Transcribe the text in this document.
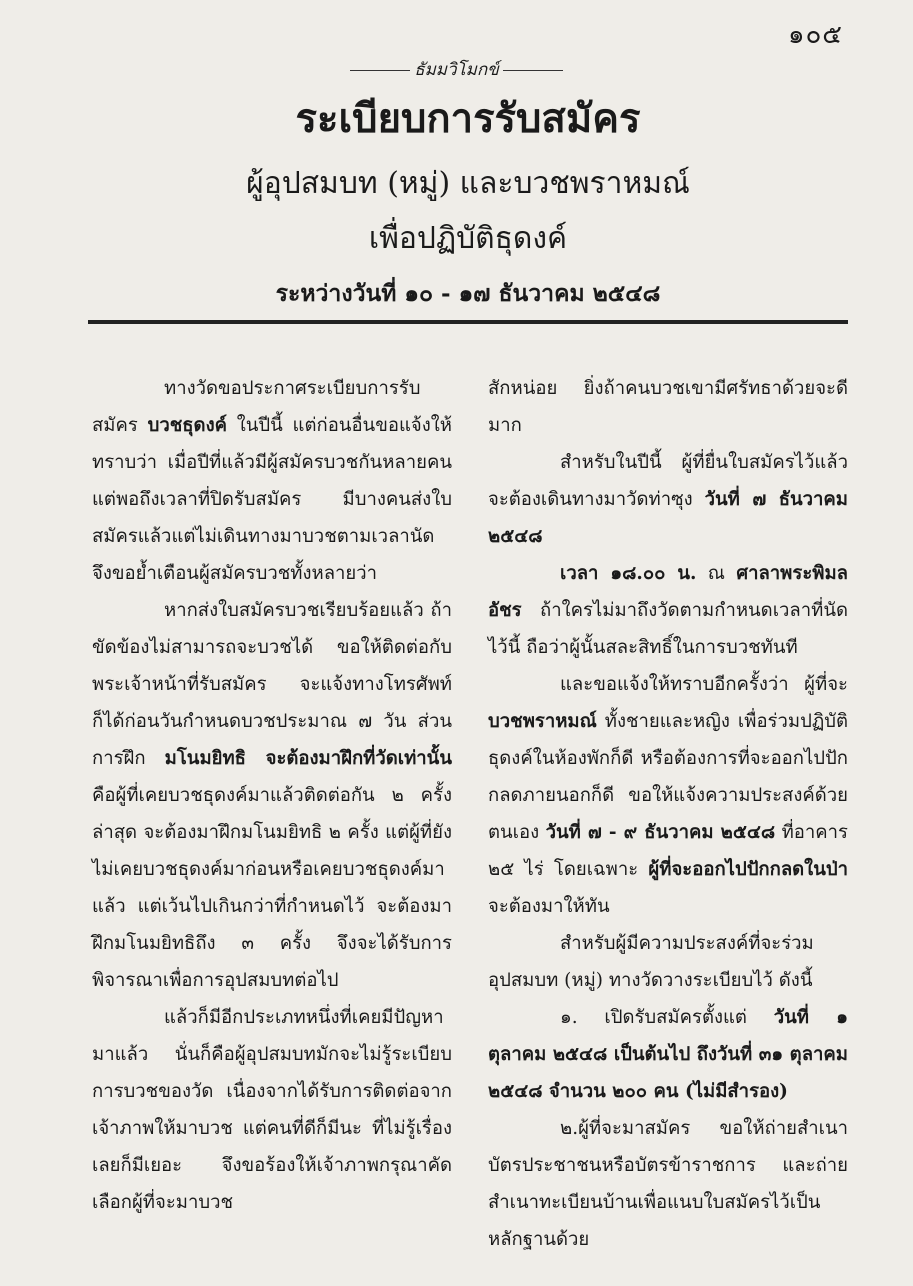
๑๐๕
ธัมมวิโมกข์
ระเบียบการรับสมัคร
ผู้อุปสมบท (หมู่) และบวชพราหมณ์
เพื่อปฏิบัติธุดงค์
ระหว่างวันที่ ๑๐ - ๑๗ ธันวาคม ๒๕๔๘

ทางวัดขอประกาศระเบียบการรับสมัคร บวชธุดงค์ ในปีนี้ แต่ก่อนอื่นขอแจ้งให้ทราบว่า เมื่อปีที่แล้วมีผู้สมัครบวชกันหลายคน แต่พอถึงเวลาที่ปิดรับสมัคร มีบางคนส่งใบสมัครแล้วแต่ไม่เดินทางมาบวชตามเวลานัด จึงขอย้ำเตือนผู้สมัครบวชทั้งหลายว่า

หากส่งใบสมัครบวชเรียบร้อยแล้ว ถ้าขัดข้องไม่สามารถจะบวชได้ ขอให้ติดต่อกับพระเจ้าหน้าที่รับสมัคร จะแจ้งทางโทรศัพท์ก็ได้ก่อนวันกำหนดบวชประมาณ ๗ วัน ส่วนการฝึก มโนมยิทธิ จะต้องมาฝึกที่วัดเท่านั้น คือผู้ที่เคยบวชธุดงค์มาแล้วติดต่อกัน ๒ ครั้งล่าสุด จะต้องมาฝึกมโนมยิทธิ ๒ ครั้ง แต่ผู้ที่ยังไม่เคยบวชธุดงค์มาก่อนหรือเคยบวชธุดงค์มาแล้ว แต่เว้นไปเกินกว่าที่กำหนดไว้ จะต้องมาฝึกมโนมยิทธิถึง ๓ ครั้ง จึงจะได้รับการพิจารณาเพื่อการอุปสมบทต่อไป

แล้วก็มีอีกประเภทหนึ่งที่เคยมีปัญหามาแล้ว นั่นก็คือผู้อุปสมบทมักจะไม่รู้ระเบียบการบวชของวัด เนื่องจากได้รับการติดต่อจากเจ้าภาพให้มาบวช แต่คนที่ดีก็มีนะ ที่ไม่รู้เรื่องเลยก็มีเยอะ จึงขอร้องให้เจ้าภาพกรุณาคัดเลือกผู้ที่จะมาบวช

สักหน่อย ยิ่งถ้าคนบวชเขามีศรัทธาด้วยจะดีมาก

สำหรับในปีนี้ ผู้ที่ยื่นใบสมัครไว้แล้ว จะต้องเดินทางมาวัดท่าซุง วันที่ ๗ ธันวาคม ๒๕๔๘

เวลา ๑๘.๐๐ น. ณ ศาลาพระพิมลอัชร ถ้าใครไม่มาถึงวัดตามกำหนดเวลาที่นัดไว้นี้ ถือว่าผู้นั้นสละสิทธิ์ในการบวชทันที

และขอแจ้งให้ทราบอีกครั้งว่า ผู้ที่จะบวชพราหมณ์ ทั้งชายและหญิง เพื่อร่วมปฏิบัติธุดงค์ในห้องพักก็ดี หรือต้องการที่จะออกไปปักกลดภายนอกก็ดี ขอให้แจ้งความประสงค์ด้วยตนเอง วันที่ ๗ - ๙ ธันวาคม ๒๕๔๘ ที่อาคาร ๒๕ ไร่ โดยเฉพาะ ผู้ที่จะออกไปปักกลดในป่า จะต้องมาให้ทัน

สำหรับผู้มีความประสงค์ที่จะร่วมอุปสมบท (หมู่) ทางวัดวางระเบียบไว้ ดังนี้

๑. เปิดรับสมัครตั้งแต่ วันที่ ๑ ตุลาคม ๒๕๔๘ เป็นต้นไป ถึงวันที่ ๓๑ ตุลาคม ๒๕๔๘ จำนวน ๒๐๐ คน (ไม่มีสำรอง)

๒.ผู้ที่จะมาสมัคร ขอให้ถ่ายสำเนาบัตรประชาชนหรือบัตรข้าราชการ และถ่ายสำเนาทะเบียนบ้านเพื่อแนบใบสมัครไว้เป็นหลักฐานด้วย
